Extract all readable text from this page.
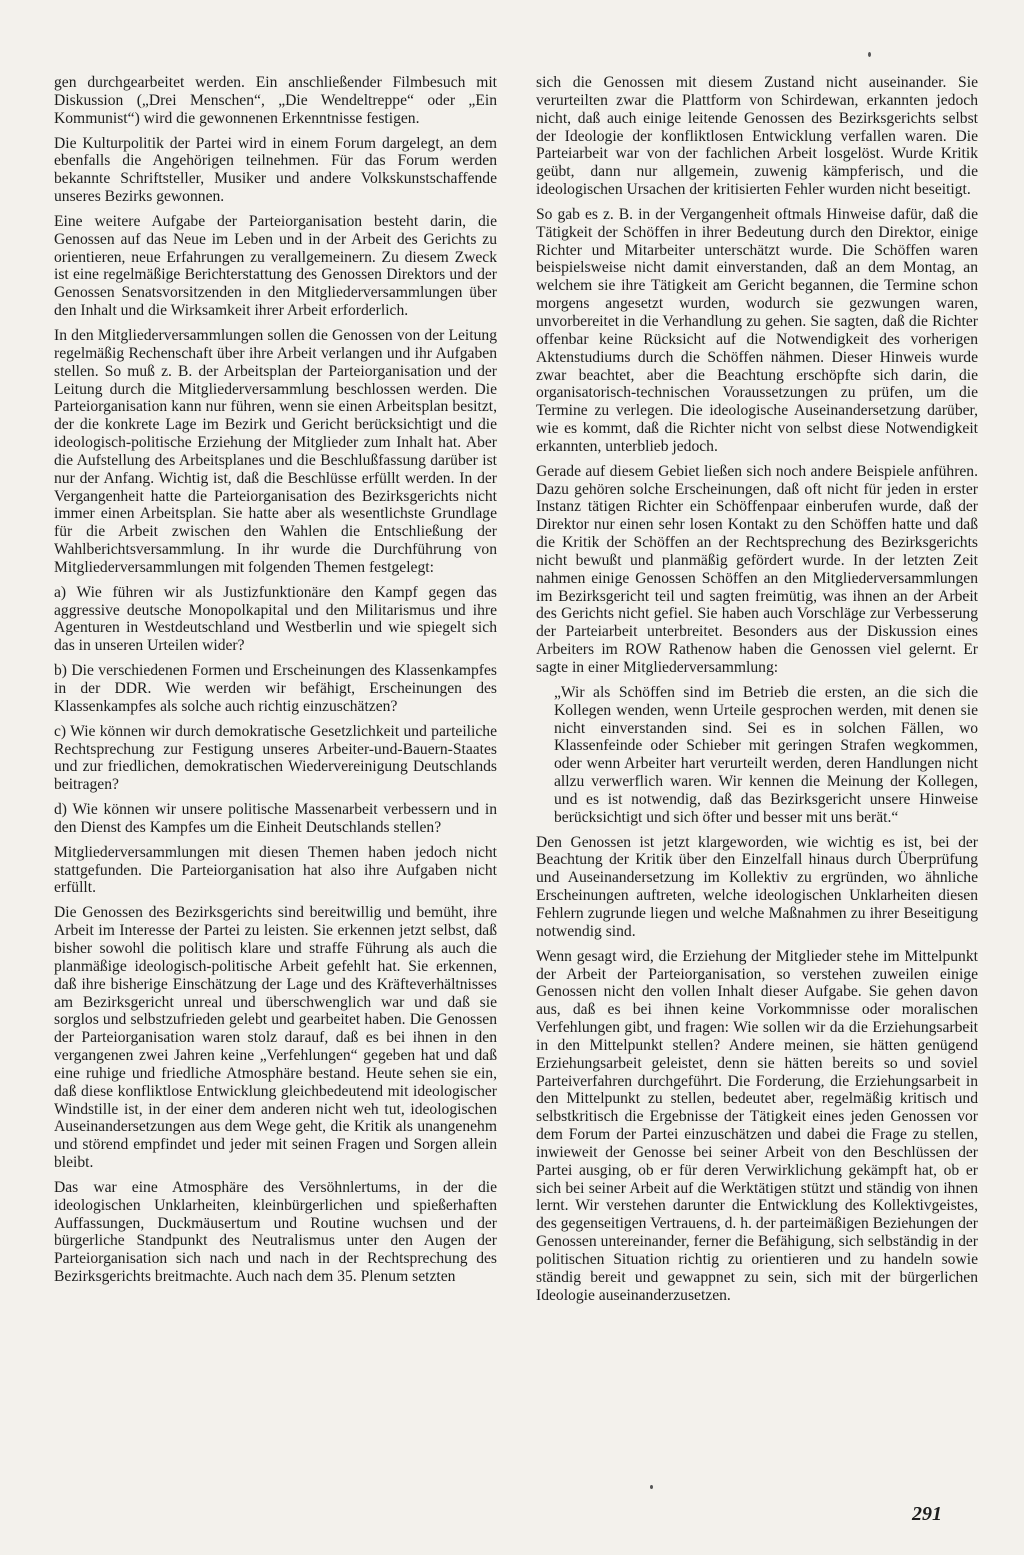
gen durchgearbeitet werden. Ein anschließender Filmbesuch mit Diskussion („Drei Menschen“, „Die Wendeltreppe“ oder „Ein Kommunist“) wird die gewonnenen Erkenntnisse festigen.

Die Kulturpolitik der Partei wird in einem Forum dargelegt, an dem ebenfalls die Angehörigen teilnehmen. Für das Forum werden bekannte Schriftsteller, Musiker und andere Volkskunstschaffende unseres Bezirks gewonnen.

Eine weitere Aufgabe der Parteiorganisation besteht darin, die Genossen auf das Neue im Leben und in der Arbeit des Gerichts zu orientieren, neue Erfahrungen zu verallgemeinern. Zu diesem Zweck ist eine regelmäßige Berichterstattung des Genossen Direktors und der Genossen Senatsvorsitzenden in den Mitgliederversammlungen über den Inhalt und die Wirksamkeit ihrer Arbeit erforderlich.

In den Mitgliederversammlungen sollen die Genossen von der Leitung regelmäßig Rechenschaft über ihre Arbeit verlangen und ihr Aufgaben stellen. So muß z. B. der Arbeitsplan der Parteiorganisation und der Leitung durch die Mitgliederversammlung beschlossen werden. Die Parteiorganisation kann nur führen, wenn sie einen Arbeitsplan besitzt, der die konkrete Lage im Bezirk und Gericht berücksichtigt und die ideologisch-politische Erziehung der Mitglieder zum Inhalt hat. Aber die Aufstellung des Arbeitsplanes und die Beschlußfassung darüber ist nur der Anfang. Wichtig ist, daß die Beschlüsse erfüllt werden. In der Vergangenheit hatte die Parteiorganisation des Bezirksgerichts nicht immer einen Arbeitsplan. Sie hatte aber als wesentlichste Grundlage für die Arbeit zwischen den Wahlen die Entschließung der Wahlberichtsversammlung. In ihr wurde die Durchführung von Mitgliederversammlungen mit folgenden Themen festgelegt:

a) Wie führen wir als Justizfunktionäre den Kampf gegen das aggressive deutsche Monopolkapital und den Militarismus und ihre Agenturen in Westdeutschland und Westberlin und wie spiegelt sich das in unseren Urteilen wider?

b) Die verschiedenen Formen und Erscheinungen des Klassenkampfes in der DDR. Wie werden wir befähigt, Erscheinungen des Klassenkampfes als solche auch richtig einzuschätzen?

c) Wie können wir durch demokratische Gesetzlichkeit und parteiliche Rechtsprechung zur Festigung unseres Arbeiter-und-Bauern-Staates und zur friedlichen, demokratischen Wiedervereinigung Deutschlands beitragen?

d) Wie können wir unsere politische Massenarbeit verbessern und in den Dienst des Kampfes um die Einheit Deutschlands stellen?

Mitgliederversammlungen mit diesen Themen haben jedoch nicht stattgefunden. Die Parteiorganisation hat also ihre Aufgaben nicht erfüllt.

Die Genossen des Bezirksgerichts sind bereitwillig und bemüht, ihre Arbeit im Interesse der Partei zu leisten. Sie erkennen jetzt selbst, daß bisher sowohl die politisch klare und straffe Führung als auch die planmäßige ideologisch-politische Arbeit gefehlt hat. Sie erkennen, daß ihre bisherige Einschätzung der Lage und des Kräfteverhältnisses am Bezirksgericht unreal und überschwenglich war und daß sie sorglos und selbstzufrieden gelebt und gearbeitet haben. Die Genossen der Parteiorganisation waren stolz darauf, daß es bei ihnen in den vergangenen zwei Jahren keine „Verfehlungen“ gegeben hat und daß eine ruhige und friedliche Atmosphäre bestand. Heute sehen sie ein, daß diese konfliktlose Entwicklung gleichbedeutend mit ideologischer Windstille ist, in der einer dem anderen nicht weh tut, ideologischen Auseinandersetzungen aus dem Wege geht, die Kritik als unangenehm und störend empfindet und jeder mit seinen Fragen und Sorgen allein bleibt.

Das war eine Atmosphäre des Versöhnlertums, in der die ideologischen Unklarheiten, kleinbürgerlichen und spießerhaften Auffassungen, Duckmäusertum und Routine wuchsen und der bürgerliche Standpunkt des Neutralismus unter den Augen der Parteiorganisation sich nach und nach in der Rechtsprechung des Bezirksgerichts breitmachte. Auch nach dem 35. Plenum setzten

sich die Genossen mit diesem Zustand nicht auseinander. Sie verurteilten zwar die Plattform von Schirdewan, erkannten jedoch nicht, daß auch einige leitende Genossen des Bezirksgerichts selbst der Ideologie der konfliktlosen Entwicklung verfallen waren. Die Parteiarbeit war von der fachlichen Arbeit losgelöst. Wurde Kritik geübt, dann nur allgemein, zuwenig kämpferisch, und die ideologischen Ursachen der kritisierten Fehler wurden nicht beseitigt.

So gab es z. B. in der Vergangenheit oftmals Hinweise dafür, daß die Tätigkeit der Schöffen in ihrer Bedeutung durch den Direktor, einige Richter und Mitarbeiter unterschätzt wurde. Die Schöffen waren beispielsweise nicht damit einverstanden, daß an dem Montag, an welchem sie ihre Tätigkeit am Gericht begannen, die Termine schon morgens angesetzt wurden, wodurch sie gezwungen waren, unvorbereitet in die Verhandlung zu gehen. Sie sagten, daß die Richter offenbar keine Rücksicht auf die Notwendigkeit des vorherigen Aktenstudiums durch die Schöffen nähmen. Dieser Hinweis wurde zwar beachtet, aber die Beachtung erschöpfte sich darin, die organisatorisch-technischen Voraussetzungen zu prüfen, um die Termine zu verlegen. Die ideologische Auseinandersetzung darüber, wie es kommt, daß die Richter nicht von selbst diese Notwendigkeit erkannten, unterblieb jedoch.

Gerade auf diesem Gebiet ließen sich noch andere Beispiele anführen. Dazu gehören solche Erscheinungen, daß oft nicht für jeden in erster Instanz tätigen Richter ein Schöffenpaar einberufen wurde, daß der Direktor nur einen sehr losen Kontakt zu den Schöffen hatte und daß die Kritik der Schöffen an der Rechtsprechung des Bezirksgerichts nicht bewußt und planmäßig gefördert wurde. In der letzten Zeit nahmen einige Genossen Schöffen an den Mitgliederversammlungen im Bezirksgericht teil und sagten freimütig, was ihnen an der Arbeit des Gerichts nicht gefiel. Sie haben auch Vorschläge zur Verbesserung der Parteiarbeit unterbreitet. Besonders aus der Diskussion eines Arbeiters im ROW Rathenow haben die Genossen viel gelernt. Er sagte in einer Mitgliederversammlung:

„Wir als Schöffen sind im Betrieb die ersten, an die sich die Kollegen wenden, wenn Urteile gesprochen werden, mit denen sie nicht einverstanden sind. Sei es in solchen Fällen, wo Klassenfeinde oder Schieber mit geringen Strafen wegkommen, oder wenn Arbeiter hart verurteilt werden, deren Handlungen nicht allzu verwerflich waren. Wir kennen die Meinung der Kollegen, und es ist notwendig, daß das Bezirksgericht unsere Hinweise berücksichtigt und sich öfter und besser mit uns berät.“

Den Genossen ist jetzt klargeworden, wie wichtig es ist, bei der Beachtung der Kritik über den Einzelfall hinaus durch Überprüfung und Auseinandersetzung im Kollektiv zu ergründen, wo ähnliche Erscheinungen auftreten, welche ideologischen Unklarheiten diesen Fehlern zugrunde liegen und welche Maßnahmen zu ihrer Beseitigung notwendig sind.

Wenn gesagt wird, die Erziehung der Mitglieder stehe im Mittelpunkt der Arbeit der Parteiorganisation, so verstehen zuweilen einige Genossen nicht den vollen Inhalt dieser Aufgabe. Sie gehen davon aus, daß es bei ihnen keine Vorkommnisse oder moralischen Verfehlungen gibt, und fragen: Wie sollen wir da die Erziehungsarbeit in den Mittelpunkt stellen? Andere meinen, sie hätten genügend Erziehungsarbeit geleistet, denn sie hätten bereits so und soviel Parteiverfahren durchgeführt. Die Forderung, die Erziehungsarbeit in den Mittelpunkt zu stellen, bedeutet aber, regelmäßig kritisch und selbstkritisch die Ergebnisse der Tätigkeit eines jeden Genossen vor dem Forum der Partei einzuschätzen und dabei die Frage zu stellen, inwieweit der Genosse bei seiner Arbeit von den Beschlüssen der Partei ausging, ob er für deren Verwirklichung gekämpft hat, ob er sich bei seiner Arbeit auf die Werktätigen stützt und ständig von ihnen lernt. Wir verstehen darunter die Entwicklung des Kollektivgeistes, des gegenseitigen Vertrauens, d. h. der parteimäßigen Beziehungen der Genossen untereinander, ferner die Befähigung, sich selbständig in der politischen Situation richtig zu orientieren und zu handeln sowie ständig bereit und gewappnet zu sein, sich mit der bürgerlichen Ideologie auseinanderzusetzen.

291
